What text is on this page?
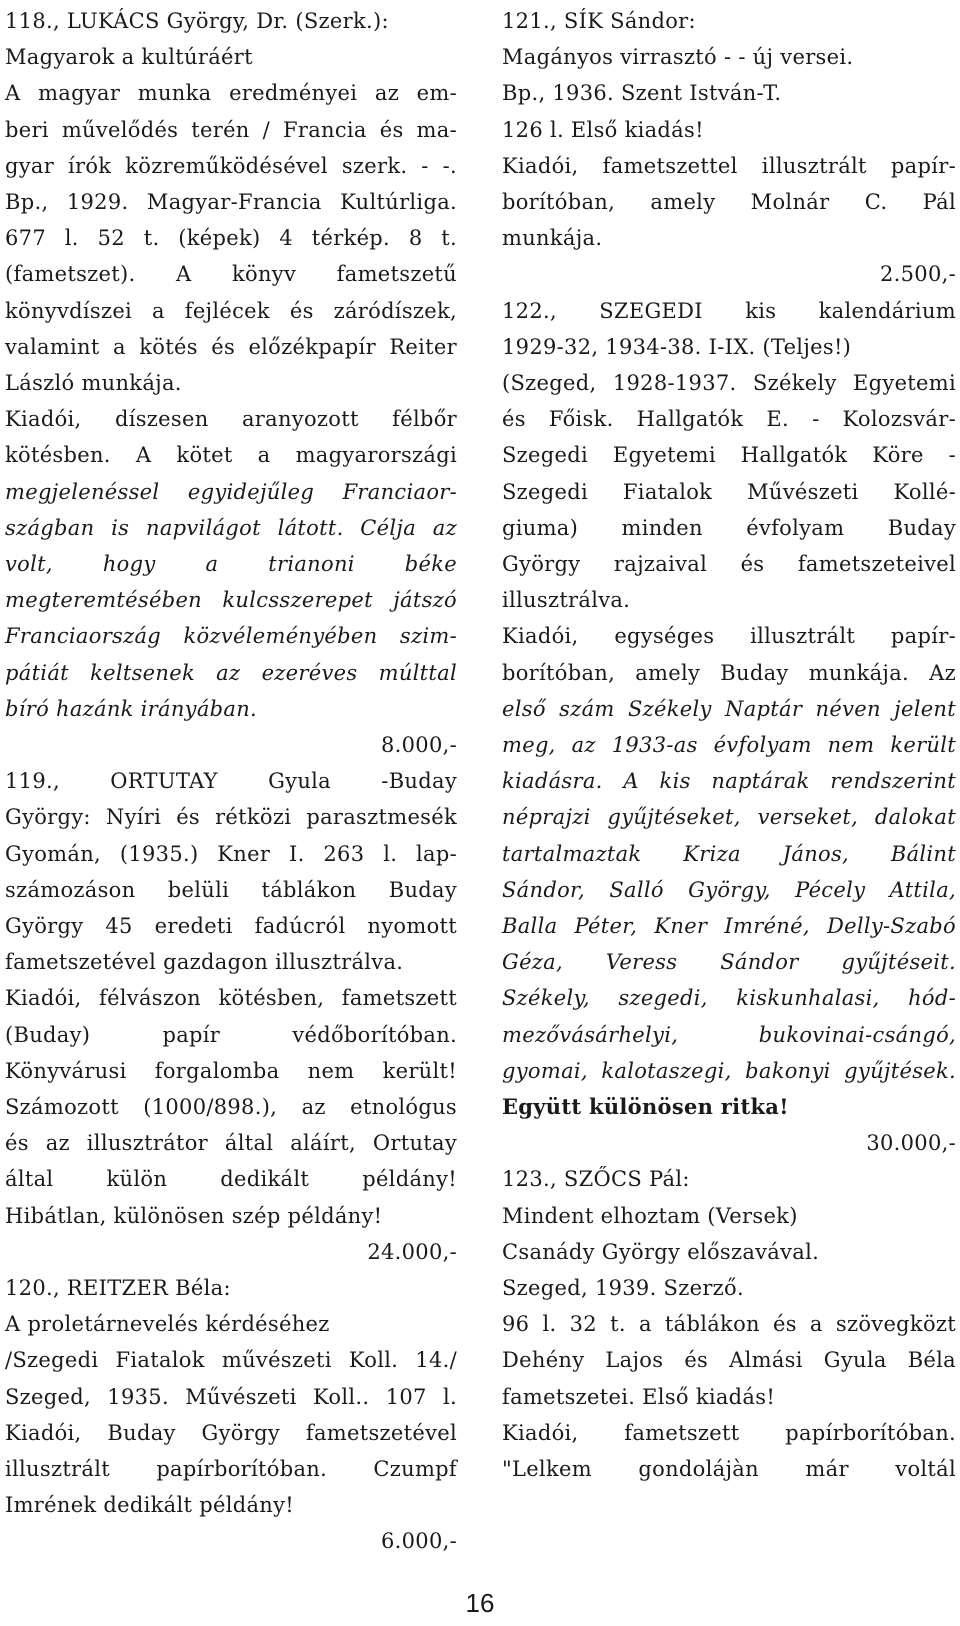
118., LUKÁCS György, Dr. (Szerk.):
Magyarok a kultúráért
A magyar munka eredményei az em-
beri művelődés terén / Francia és ma-
gyar írók közreműködésével szerk. - -.
Bp., 1929. Magyar-Francia Kultúrliga.
677 l. 52 t. (képek) 4 térkép. 8 t.
(fametszet). A könyv fametszetű
könyvdíszei a fejlécek és záródíszek,
valamint a kötés és előzékpapír Reiter
László munkája.
Kiadói, díszesen aranyozott félbőr
kötésben. A kötet a magyarországi
megjelenéssel egyidejűleg Franciaor-
szágban is napvilágot látott. Célja az
volt, hogy a trianoni béke
megteremtésében kulcsszerepet játszó
Franciaország közvéleményében szim-
pátiát keltsenek az ezeréves múlttal
bíró hazánk irányában.
8.000,-
119., ORTUTAY Gyula -Buday
György: Nyíri és rétközi parasztmesék
Gyomán, (1935.) Kner I. 263 l. lap-
számozáson belüli táblákon Buday
György 45 eredeti fadúcról nyomott
fametszetével gazdagon illusztrálva.
Kiadói, félvászon kötésben, fametszett
(Buday) papír védőborítóban.
Könyvárusi forgalomba nem került!
Számozott (1000/898.), az etnológus
és az illusztrátor által aláírt, Ortutay
által külön dedikált példány!
Hibátlan, különösen szép példány!
24.000,-
120., REITZER Béla:
A proletárnevelés kérdéséhez
/Szegedi Fiatalok művészeti Koll. 14./
Szeged, 1935. Művészeti Koll.. 107 l.
Kiadói, Buday György fametszetével
illusztrált papírborítóban. Czumpf
Imrének dedikált példány!
6.000,-
121., SÍK Sándor:
Magányos virrasztó - - új versei.
Bp., 1936. Szent István-T.
126 l. Első kiadás!
Kiadói, fametszettel illusztrált papír-
borítóban, amely Molnár C. Pál
munkája.
2.500,-
122., SZEGEDI kis kalendárium
1929-32, 1934-38. I-IX. (Teljes!)
(Szeged, 1928-1937. Székely Egyetemi
és Főisk. Hallgatók E. - Kolozsvár-
Szegedi Egyetemi Hallgatók Köre -
Szegedi Fiatalok Művészeti Kollé-
giuma) minden évfolyam Buday
György rajzaival és fametszeteivel
illusztrálva.
Kiadói, egységes illusztrált papír-
borítóban, amely Buday munkája. Az
első szám Székely Naptár néven jelent
meg, az 1933-as évfolyam nem került
kiadásra. A kis naptárak rendszerint
néprajzi gyűjtéseket, verseket, dalokat
tartalmaztak Kriza János, Bálint
Sándor, Salló György, Pécely Attila,
Balla Péter, Kner Imréné, Delly-Szabó
Géza, Veress Sándor gyűjtéseit.
Székely, szegedi, kiskunhalasi, hód-
mezővásárhelyi, bukovinai-csángó,
gyomai, kalotaszegi, bakonyi gyűjtések.
Együtt különösen ritka!
30.000,-
123., SZŐCS Pál:
Mindent elhoztam (Versek)
Csanády György előszavával.
Szeged, 1939. Szerző.
96 l. 32 t. a táblákon és a szövegközt
Dehény Lajos és Almási Gyula Béla
fametszetei. Első kiadás!
Kiadói, fametszett papírborítóban.
"Lelkem gondolájàn már voltál
16
